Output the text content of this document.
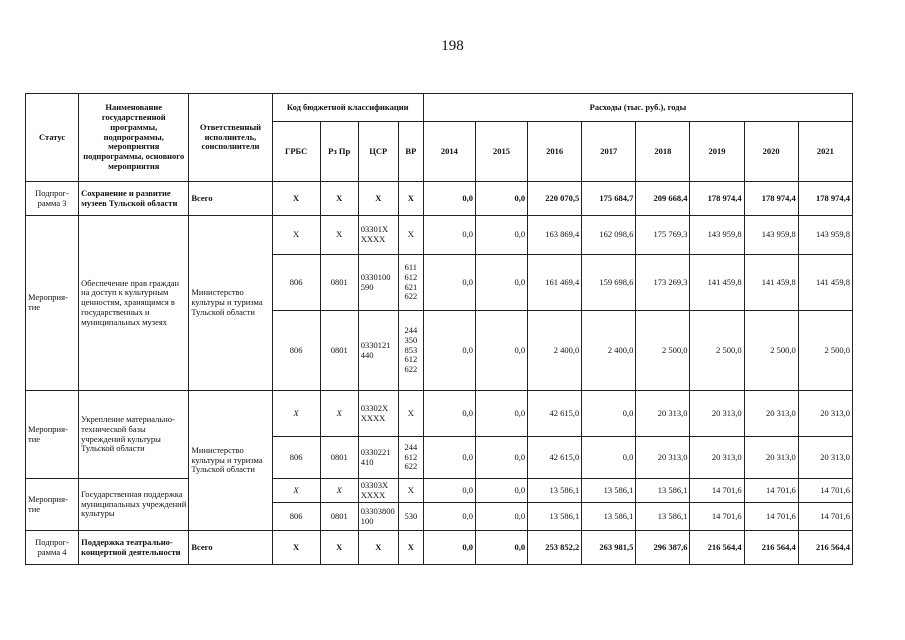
198
Статус	Наименование государственной программы, подпрограммы, мероприятия подпрограммы, основного мероприятия	Ответственный исполнитель, соисполнители	Код бюджетной классификации				Расходы (тыс. руб.), годы							
			ГРБС	Рз Пр	ЦСР	ВР	2014	2015	2016	2017	2018	2019	2020	2021
Подпрог-рамма 3	Сохранение и развитие музеев Тульской области	Всего	X	X	X	X	0,0	0,0	220 070,5	175 684,7	209 668,4	178 974,4	178 974,4	178 974,4
Мероприя-тие	Обеспечение прав граждан на доступ к культурным ценностям, хранящимся в государственных и муниципальных музеях	Министерство культуры и туризма Тульской области	X	X	03301X XXXX	X	0,0	0,0	163 869,4	162 098,6	175 769,3	143 959,8	143 959,8	143 959,8
			806	0801	0330100 590	611 612 621 622	0,0	0,0	161 469,4	159 698,6	173 269,3	141 459,8	141 459,8	141 459,8
			806	0801	0330121 440	244 350 853 612 622	0,0	0,0	2 400,0	2 400,0	2 500,0	2 500,0	2 500,0	2 500,0
Мероприя-тие	Укрепление материально-технической базы учреждений культуры Тульской области	Министерство культуры и туризма Тульской области	X	X	03302X XXXX	X	0,0	0,0	42 615,0	0,0	20 313,0	20 313,0	20 313,0	20 313,0
			806	0801	0330221 410	244 612 622	0,0	0,0	42 615,0	0,0	20 313,0	20 313,0	20 313,0	20 313,0
Мероприя-тие	Государственная поддержка муниципальных учреждений культуры		X	X	03303X XXXX	X	0,0	0,0	13 586,1	13 586,1	13 586,1	14 701,6	14 701,6	14 701,6
			806	0801	03303800 100	530	0,0	0,0	13 586,1	13 586,1	13 586,1	14 701,6	14 701,6	14 701,6
Подпрог-рамма 4	Поддержка театрально-концертной деятельности	Всего	X	X	X	X	0,0	0,0	253 852,2	263 981,5	296 387,6	216 564,4	216 564,4	216 564,4
